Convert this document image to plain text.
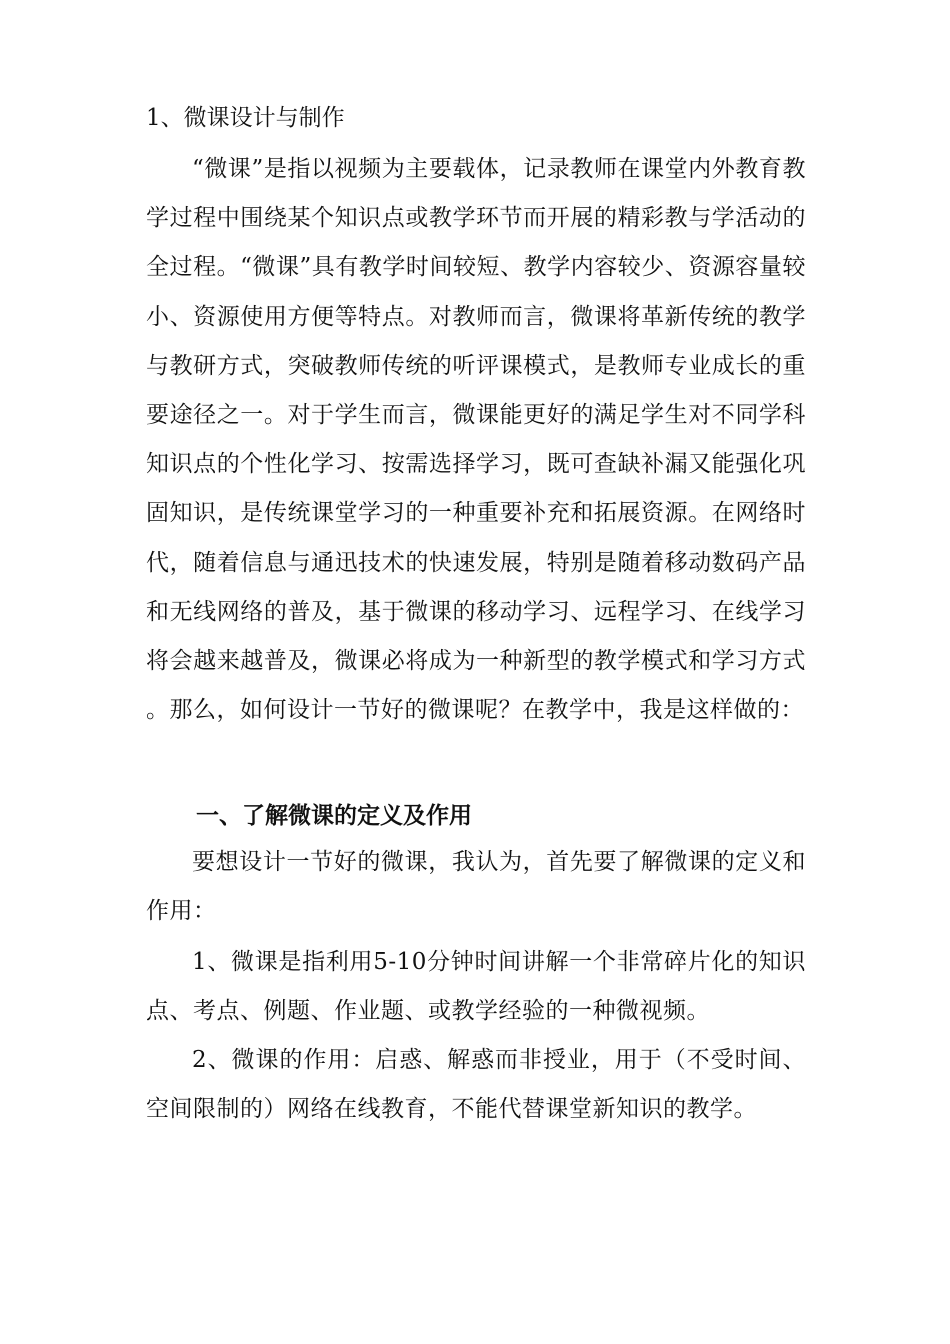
1、微课设计与制作

“微课”是指以视频为主要载体，记录教师在课堂内外教育教学过程中围绕某个知识点或教学环节而开展的精彩教与学活动的全过程。“微课”具有教学时间较短、教学内容较少、资源容量较小、资源使用方便等特点。对教师而言，微课将革新传统的教学与教研方式，突破教师传统的听评课模式，是教师专业成长的重要途径之一。对于学生而言，微课能更好的满足学生对不同学科知识点的个性化学习、按需选择学习，既可查缺补漏又能强化巩固知识，是传统课堂学习的一种重要补充和拓展资源。在网络时代，随着信息与通迅技术的快速发展，特别是随着移动数码产品和无线网络的普及，基于微课的移动学习、远程学习、在线学习将会越来越普及，微课必将成为一种新型的教学模式和学习方式。那么，如何设计一节好的微课呢？在教学中，我是这样做的：

一、了解微课的定义及作用

要想设计一节好的微课，我认为，首先要了解微课的定义和作用：

1、微课是指利用5-10分钟时间讲解一个非常碎片化的知识点、考点、例题、作业题、或教学经验的一种微视频。

2、微课的作用：启惑、解惑而非授业，用于（不受时间、空间限制的）网络在线教育，不能代替课堂新知识的教学。
